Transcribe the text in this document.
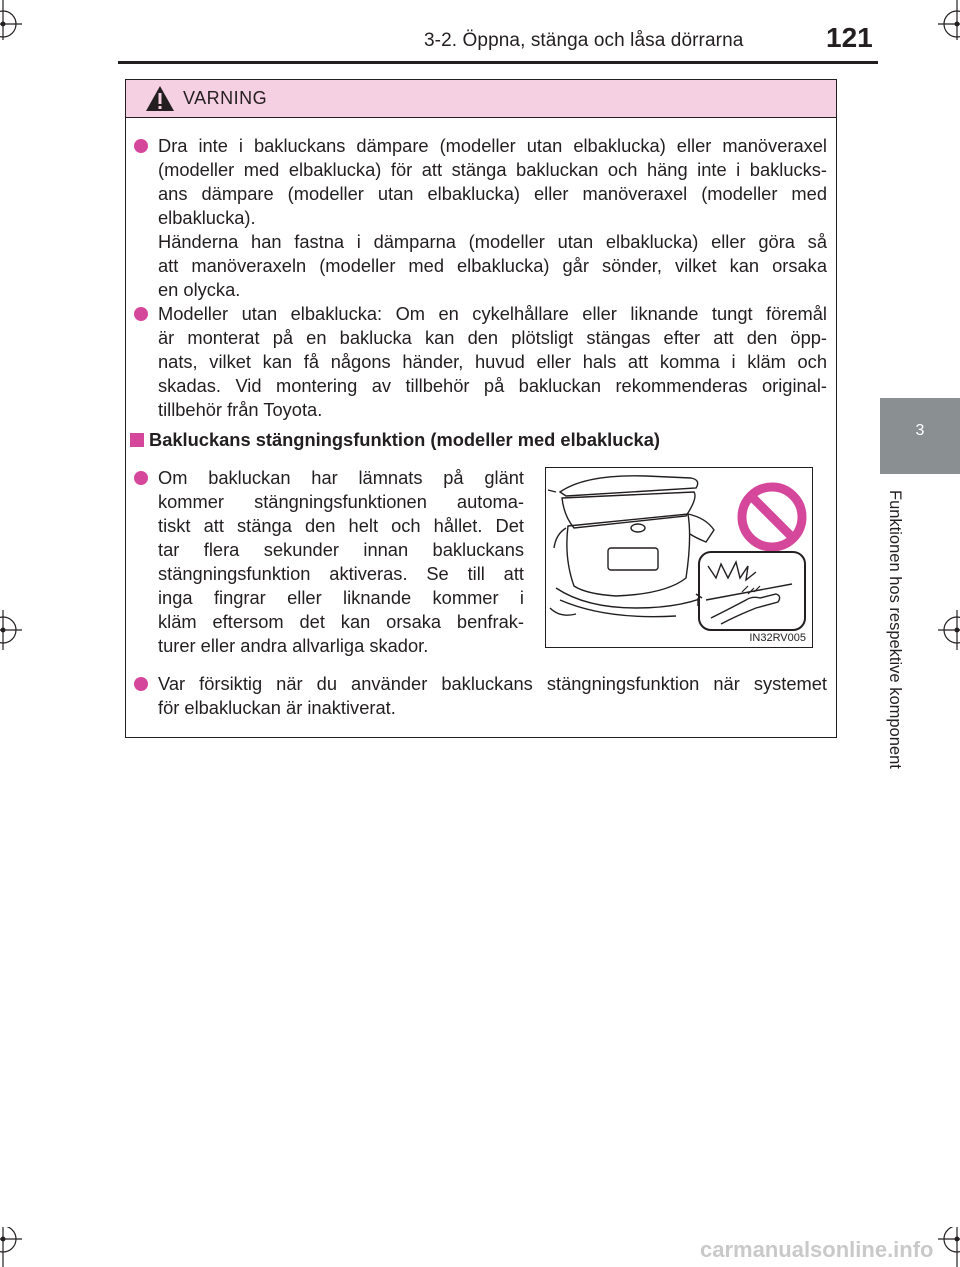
3-2. Öppna, stänga och låsa dörrarna	121
3
Funktionen hos respektive komponent
VARNING

Dra inte i bakluckans dämpare (modeller utan elbaklucka) eller manöveraxel

(modeller med elbaklucka) för att stänga bakluckan och häng inte i baklucks-

ans dämpare (modeller utan elbaklucka) eller manöveraxel (modeller med

elbaklucka).

Händerna han fastna i dämparna (modeller utan elbaklucka) eller göra så

att manöveraxeln (modeller med elbaklucka) går sönder, vilket kan orsaka

en olycka.

Modeller utan elbaklucka: Om en cykelhållare eller liknande tungt föremål

är monterat på en baklucka kan den plötsligt stängas efter att den öpp-

nats, vilket kan få någons händer, huvud eller hals att komma i kläm och

skadas. Vid montering av tillbehör på bakluckan rekommenderas original-

tillbehör från Toyota.

Bakluckans stängningsfunktion (modeller med elbaklucka)

Om bakluckan har lämnats på glänt

kommer stängningsfunktionen automa-

tiskt att stänga den helt och hållet. Det

tar flera sekunder innan bakluckans

stängningsfunktion aktiveras. Se till att

inga fingrar eller liknande kommer i

kläm eftersom det kan orsaka benfrak-

turer eller andra allvarliga skador.	IN32RV005

Var försiktig när du använder bakluckans stängningsfunktion när systemet

för elbakluckan är inaktiverat.

carmanualsonline.info
